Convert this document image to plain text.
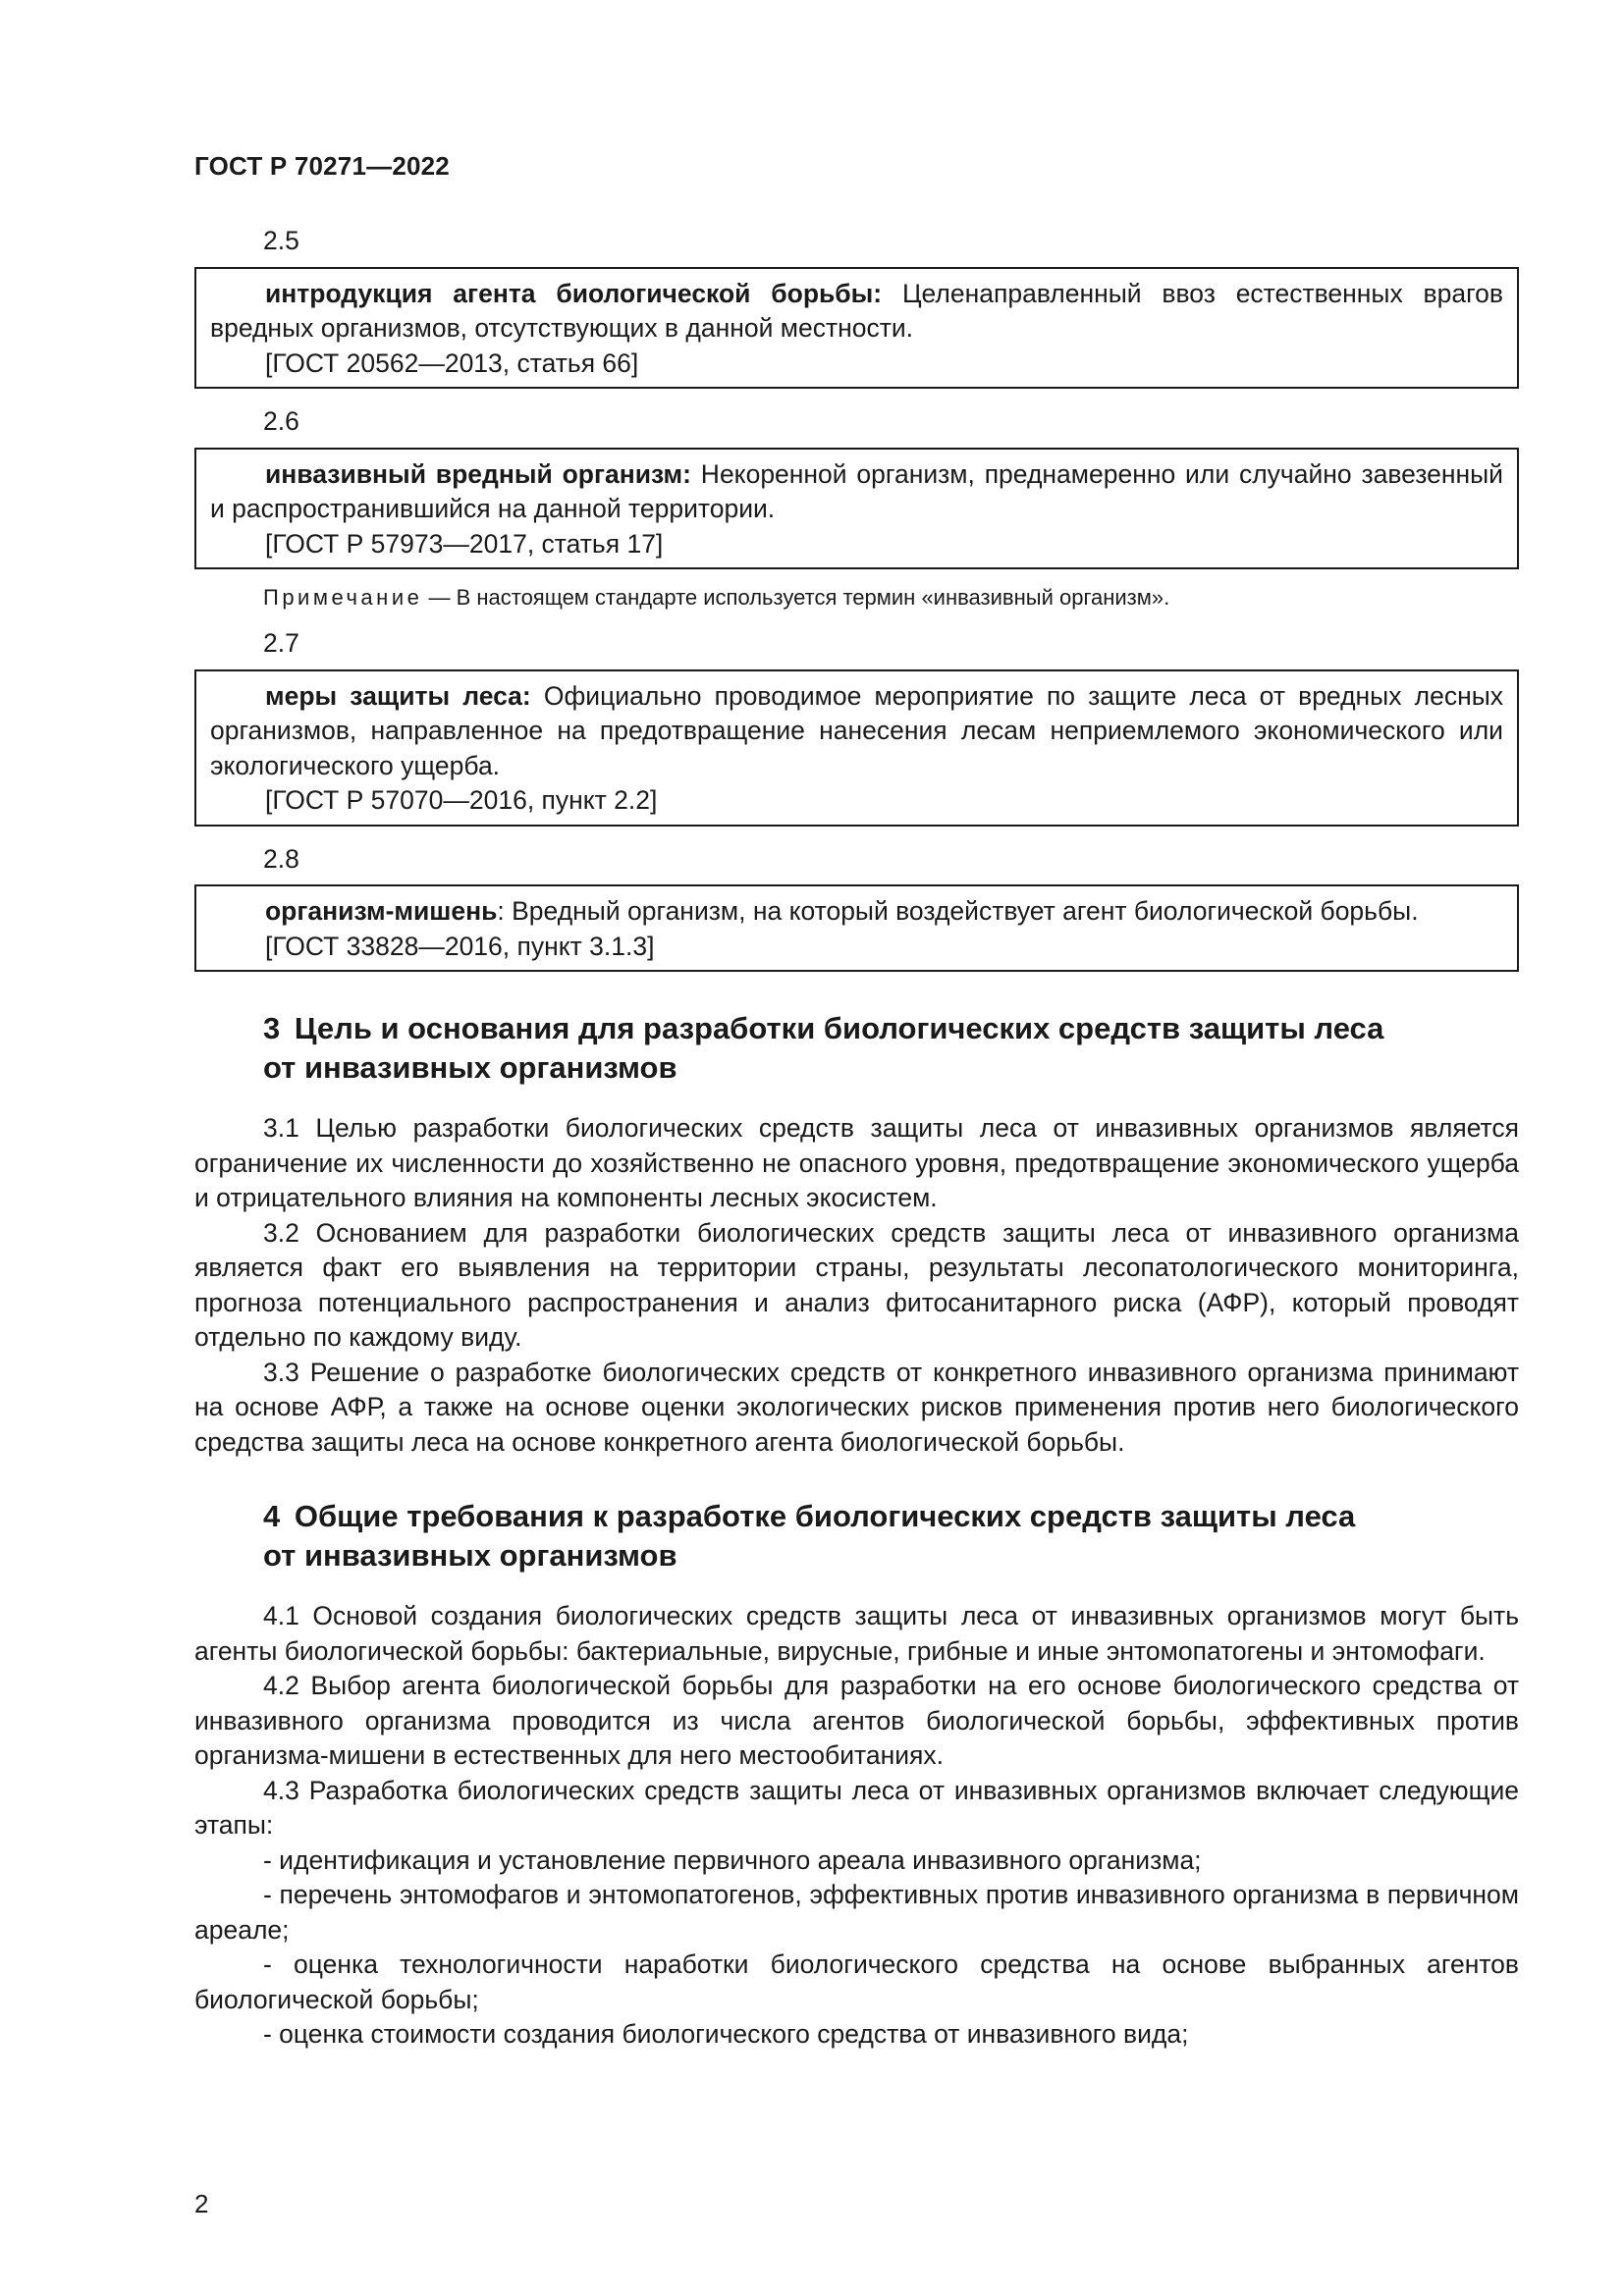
ГОСТ Р 70271—2022
2.5

интродукция агента биологической борьбы: Целенаправленный ввоз естественных врагов вредных организмов, отсутствующих в данной местности.

[ГОСТ 20562—2013, статья 66]
2.6

инвазивный вредный организм: Некоренной организм, преднамеренно или случайно завезенный и распространившийся на данной территории.

[ГОСТ Р 57973—2017, статья 17]
Примечание — В настоящем стандарте используется термин «инвазивный организм».
2.7

меры защиты леса: Официально проводимое мероприятие по защите леса от вредных лесных организмов, направленное на предотвращение нанесения лесам неприемлемого экономического или экологического ущерба.

[ГОСТ Р 57070—2016, пункт 2.2]
2.8

организм-мишень: Вредный организм, на который воздействует агент биологической борьбы.

[ГОСТ 33828—2016, пункт 3.1.3]
3 Цель и основания для разработки биологических средств защиты леса
от инвазивных организмов

3.1 Целью разработки биологических средств защиты леса от инвазивных организмов является ограничение их численности до хозяйственно не опасного уровня, предотвращение экономического ущерба и отрицательного влияния на компоненты лесных экосистем.

3.2 Основанием для разработки биологических средств защиты леса от инвазивного организма является факт его выявления на территории страны, результаты лесопатологического мониторинга, прогноза потенциального распространения и анализ фитосанитарного риска (АФР), который проводят отдельно по каждому виду.

3.3 Решение о разработке биологических средств от конкретного инвазивного организма принимают на основе АФР, а также на основе оценки экологических рисков применения против него биологического средства защиты леса на основе конкретного агента биологической борьбы.

4 Общие требования к разработке биологических средств защиты леса
от инвазивных организмов

4.1 Основой создания биологических средств защиты леса от инвазивных организмов могут быть агенты биологической борьбы: бактериальные, вирусные, грибные и иные энтомопатогены и энтомофаги.

4.2 Выбор агента биологической борьбы для разработки на его основе биологического средства от инвазивного организма проводится из числа агентов биологической борьбы, эффективных против организма-мишени в естественных для него местообитаниях.

4.3 Разработка биологических средств защиты леса от инвазивных организмов включает следующие этапы:

- идентификация и установление первичного ареала инвазивного организма;

- перечень энтомофагов и энтомопатогенов, эффективных против инвазивного организма в первичном ареале;

- оценка технологичности наработки биологического средства на основе выбранных агентов биологической борьбы;

- оценка стоимости создания биологического средства от инвазивного вида;

2
